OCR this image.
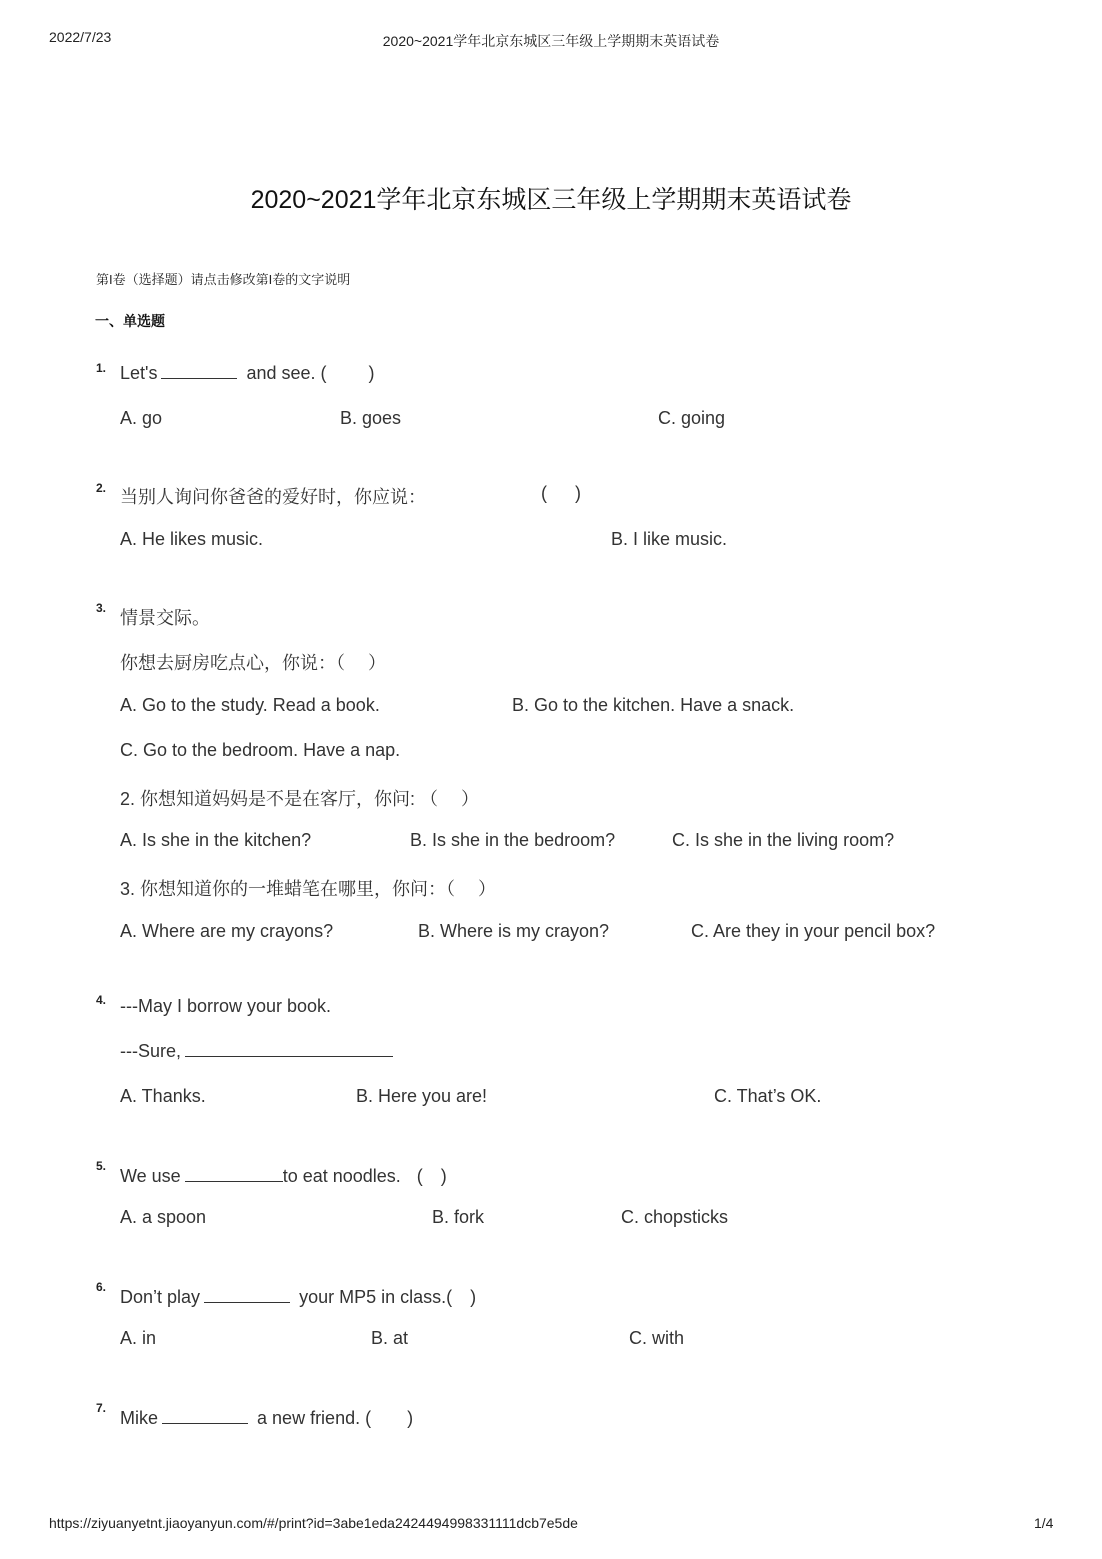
2022/7/23	2020~2021学年北京东城区三年级上学期期末英语试卷
2020~2021学年北京东城区三年级上学期期末英语试卷
第I卷（选择题）请点击修改第I卷的文字说明
一、单选题
1. Let's	and see. ( )
A. go	B. goes	C. going
2. 当别人询问你爸爸的爱好时，你应说：	( )
A. He likes music.	B. I like music.
3. 情景交际。
你想去厨房吃点心，你说：（　 ）
A. Go to the study. Read a book.	B. Go to the kitchen. Have a snack.
C. Go to the bedroom. Have a nap.
2. 你想知道妈妈是不是在客厅，你问: （　 ）
A. Is she in the kitchen?	B. Is she in the bedroom?	C. Is she in the living room?
3. 你想知道你的一堆蜡笔在哪里，你问：（　 ）
A. Where are my crayons?	B. Where is my crayon?	C. Are they in your pencil box?
4. ---May I borrow your book.
---Sure,
A. Thanks.	B. Here you are!	C. That’s OK.
5. We use	to eat noodles. (　)
A. a spoon	B. fork	C. chopsticks
6. Don’t play	your MP5 in class.(　)
A. in	B. at	C. with
7. Mike	a new friend. (　　)
https://ziyuanyetnt.jiaoyanyun.com/#/print?id=3abe1eda2424494998331111dcb7e5de	1/4
